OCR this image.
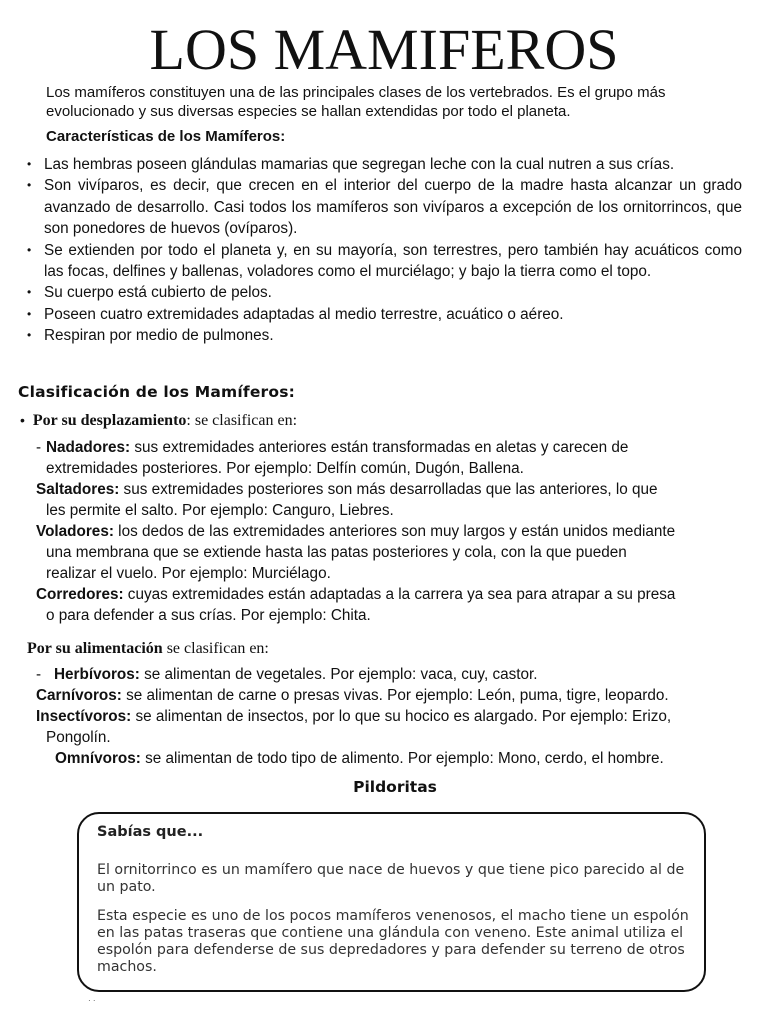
LOS MAMIFEROS
Los mamíferos constituyen una de las principales clases de los vertebrados. Es el grupo más evolucionado y sus diversas especies se hallan extendidas por todo el planeta.
Características de los Mamíferos:
• Las hembras poseen glándulas mamarias que segregan leche con la cual nutren a sus crías.
• Son vivíparos, es decir, que crecen en el interior del cuerpo de la madre hasta alcanzar un grado avanzado de desarrollo. Casi todos los mamíferos son vivíparos a excepción de los ornitorrincos, que son ponedores de huevos (ovíparos).
• Se extienden por todo el planeta y, en su mayoría, son terrestres, pero también hay acuáticos como las focas, delfines y ballenas, voladores como el murciélago; y bajo la tierra como el topo.
• Su cuerpo está cubierto de pelos.
• Poseen cuatro extremidades adaptadas al medio terrestre, acuático o aéreo.
• Respiran por medio de pulmones.
Clasificación de los Mamíferos:
• Por su desplazamiento: se clasifican en:
- Nadadores: sus extremidades anteriores están transformadas en aletas y carecen de
extremidades posteriores. Por ejemplo: Delfín común, Dugón, Ballena.
Saltadores: sus extremidades posteriores son más desarrolladas que las anteriores, lo que
les permite el salto. Por ejemplo: Canguro, Liebres.
Voladores: los dedos de las extremidades anteriores son muy largos y están unidos mediante
una membrana que se extiende hasta las patas posteriores y cola, con la que pueden
realizar el vuelo. Por ejemplo: Murciélago.
Corredores: cuyas extremidades están adaptadas a la carrera ya sea para atrapar a su presa
o para defender a sus crías. Por ejemplo: Chita.
Por su alimentación se clasifican en:
- Herbívoros: se alimentan de vegetales. Por ejemplo: vaca, cuy, castor.
Carnívoros: se alimentan de carne o presas vivas. Por ejemplo: León, puma, tigre, leopardo.
Insectívoros: se alimentan de insectos, por lo que su hocico es alargado. Por ejemplo: Erizo,
Pongolín.
Omnívoros: se alimentan de todo tipo de alimento. Por ejemplo: Mono, cerdo, el hombre.
Pildoritas
Sabías que...
El ornitorrinco es un mamífero que nace de huevos y que tiene pico parecido al de
un pato.
Esta especie es uno de los pocos mamíferos venenosos, el macho tiene un espolón
en las patas traseras que contiene una glándula con veneno. Este animal utiliza el
espolón para defenderse de sus depredadores y para defender su terreno de otros
machos.
· ·
